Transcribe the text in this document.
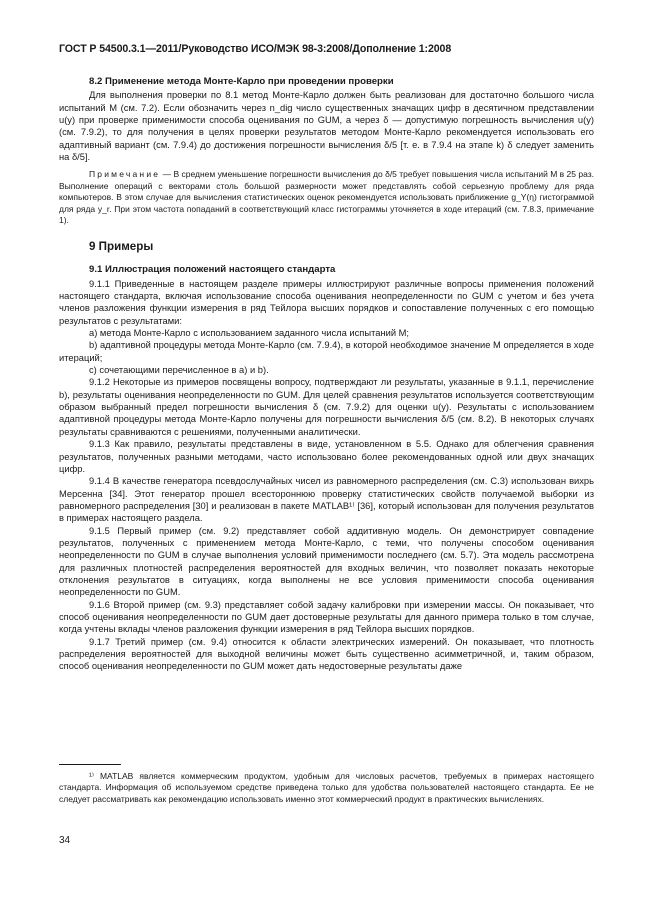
ГОСТ Р 54500.3.1—2011/Руководство ИСО/МЭК 98-3:2008/Дополнение 1:2008

8.2 Применение метода Монте-Карло при проведении проверки

Для выполнения проверки по 8.1 метод Монте-Карло должен быть реализован для достаточно большого числа испытаний M (см. 7.2). Если обозначить через n_dig число существенных значащих цифр в десятичном представлении u(y) при проверке применимости способа оценивания по GUM, а через δ — допустимую погрешность вычисления u(y) (см. 7.9.2), то для получения в целях проверки результатов методом Монте-Карло рекомендуется использовать его адаптивный вариант (см. 7.9.4) до достижения погрешности вычисления δ/5 [т. е. в 7.9.4 на этапе k) δ следует заменить на δ/5].

Примечание — В среднем уменьшение погрешности вычисления до δ/5 требует повышения числа испытаний M в 25 раз. Выполнение операций с векторами столь большой размерности может представлять собой серьезную проблему для ряда компьютеров. В этом случае для вычисления статистических оценок рекомендуется использовать приближение g_Y(η) гистограммой для ряда y_r. При этом частота попаданий в соответствующий класс гистограммы уточняется в ходе итераций (см. 7.8.3, примечание 1).

9 Примеры

9.1 Иллюстрация положений настоящего стандарта

9.1.1 Приведенные в настоящем разделе примеры иллюстрируют различные вопросы применения положений настоящего стандарта, включая использование способа оценивания неопределенности по GUM с учетом и без учета членов разложения функции измерения в ряд Тейлора высших порядков и сопоставление полученных с его помощью результатов с результатами:

а) метода Монте-Карло с использованием заданного числа испытаний M;

b) адаптивной процедуры метода Монте-Карло (см. 7.9.4), в которой необходимое значение M определяется в ходе итераций;

с) сочетающими перечисленное в а) и b).

9.1.2 Некоторые из примеров посвящены вопросу, подтверждают ли результаты, указанные в 9.1.1, перечисление b), результаты оценивания неопределенности по GUM. Для целей сравнения результатов используется соответствующим образом выбранный предел погрешности вычисления δ (см. 7.9.2) для оценки u(y). Результаты с использованием адаптивной процедуры метода Монте-Карло получены для погрешности вычисления δ/5 (см. 8.2). В некоторых случаях результаты сравниваются с решениями, полученными аналитически.

9.1.3 Как правило, результаты представлены в виде, установленном в 5.5. Однако для облегчения сравнения результатов, полученных разными методами, часто использовано более рекомендованных одной или двух значащих цифр.

9.1.4 В качестве генератора псевдослучайных чисел из равномерного распределения (см. С.3) использован вихрь Мерсенна [34]. Этот генератор прошел всестороннюю проверку статистических свойств получаемой выборки из равномерного распределения [30] и реализован в пакете MATLAB¹⁾ [36], который использован для получения результатов в примерах настоящего раздела.

9.1.5 Первый пример (см. 9.2) представляет собой аддитивную модель. Он демонстрирует совпадение результатов, полученных с применением метода Монте-Карло, с теми, что получены способом оценивания неопределенности по GUM в случае выполнения условий применимости последнего (см. 5.7). Эта модель рассмотрена для различных плотностей распределения вероятностей для входных величин, что позволяет показать некоторые отклонения результатов в ситуациях, когда выполнены не все условия применимости способа оценивания неопределенности по GUM.

9.1.6 Второй пример (см. 9.3) представляет собой задачу калибровки при измерении массы. Он показывает, что способ оценивания неопределенности по GUM дает достоверные результаты для данного примера только в том случае, когда учтены вклады членов разложения функции измерения в ряд Тейлора высших порядков.

9.1.7 Третий пример (см. 9.4) относится к области электрических измерений. Он показывает, что плотность распределения вероятностей для выходной величины может быть существенно асимметричной, и, таким образом, способ оценивания неопределенности по GUM может дать недостоверные результаты даже

¹⁾ MATLAB является коммерческим продуктом, удобным для числовых расчетов, требуемых в примерах настоящего стандарта. Информация об используемом средстве приведена только для удобства пользователей настоящего стандарта. Ее не следует рассматривать как рекомендацию использовать именно этот коммерческий продукт в практических вычислениях.

34
